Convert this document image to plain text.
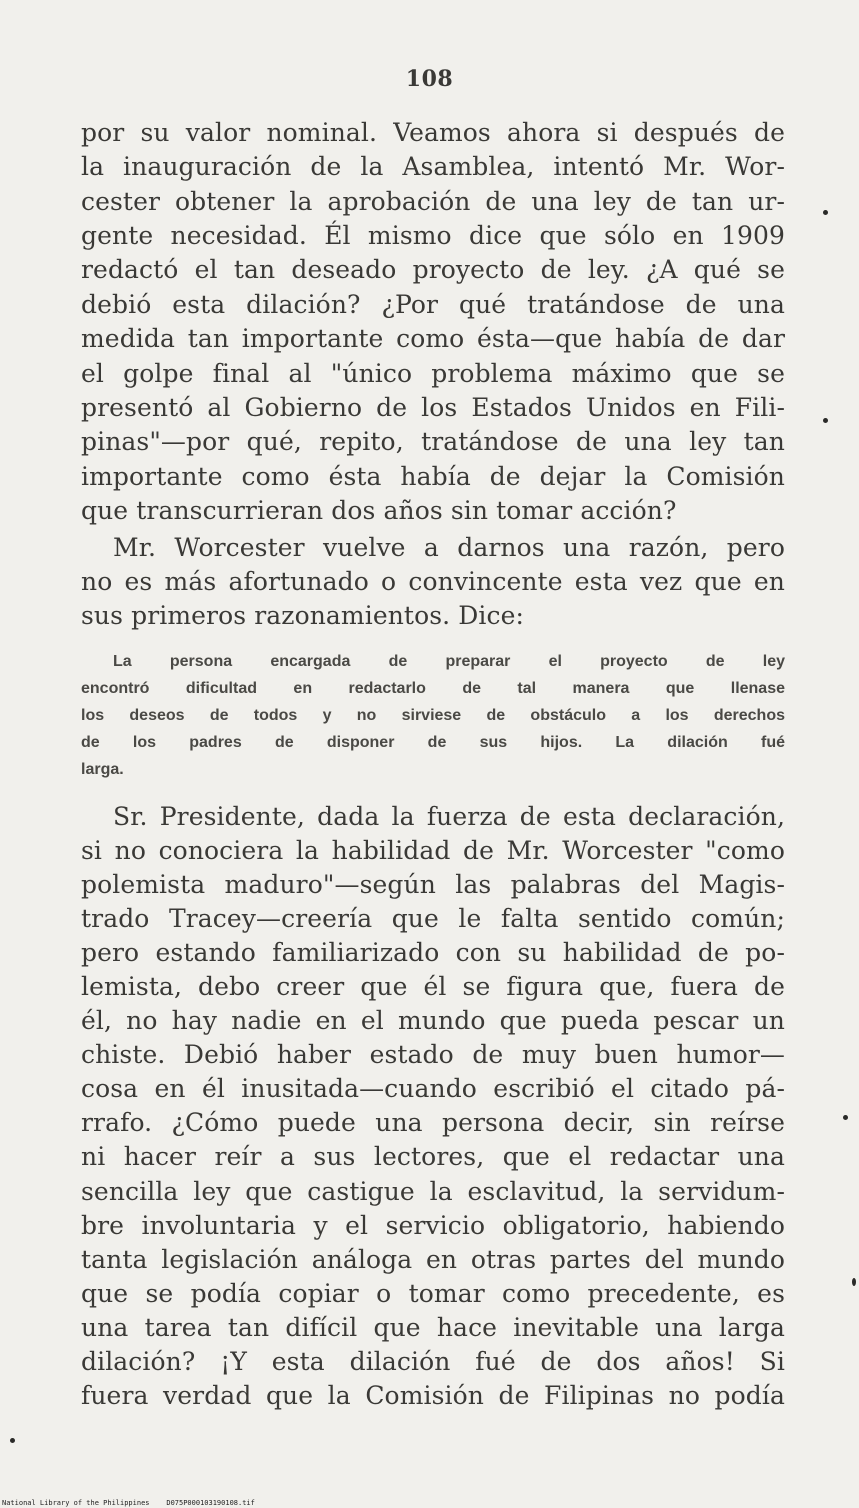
108
por su valor nominal. Veamos ahora si después de
la inauguración de la Asamblea, intentó Mr. Wor-
cester obtener la aprobación de una ley de tan ur-
gente necesidad. Él mismo dice que sólo en 1909
redactó el tan deseado proyecto de ley. ¿A qué se
debió esta dilación? ¿Por qué tratándose de una
medida tan importante como ésta—que había de dar
el golpe final al "único problema máximo que se
presentó al Gobierno de los Estados Unidos en Fili-
pinas"—por qué, repito, tratándose de una ley tan
importante como ésta había de dejar la Comisión
que transcurrieran dos años sin tomar acción?
Mr. Worcester vuelve a darnos una razón, pero
no es más afortunado o convincente esta vez que en
sus primeros razonamientos. Dice:
La persona encargada de preparar el proyecto de ley
encontró dificultad en redactarlo de tal manera que llenase
los deseos de todos y no sirviese de obstáculo a los derechos
de los padres de disponer de sus hijos. La dilación fué
larga.
Sr. Presidente, dada la fuerza de esta declaración,
si no conociera la habilidad de Mr. Worcester "como
polemista maduro"—según las palabras del Magis-
trado Tracey—creería que le falta sentido común;
pero estando familiarizado con su habilidad de po-
lemista, debo creer que él se figura que, fuera de
él, no hay nadie en el mundo que pueda pescar un
chiste. Debió haber estado de muy buen humor—
cosa en él inusitada—cuando escribió el citado pá-
rrafo. ¿Cómo puede una persona decir, sin reírse
ni hacer reír a sus lectores, que el redactar una
sencilla ley que castigue la esclavitud, la servidum-
bre involuntaria y el servicio obligatorio, habiendo
tanta legislación análoga en otras partes del mundo
que se podía copiar o tomar como precedente, es
una tarea tan difícil que hace inevitable una larga
dilación? ¡Y esta dilación fué de dos años! Si
fuera verdad que la Comisión de Filipinas no podía
National Library of the Philippines    D075P000103190108.tif
